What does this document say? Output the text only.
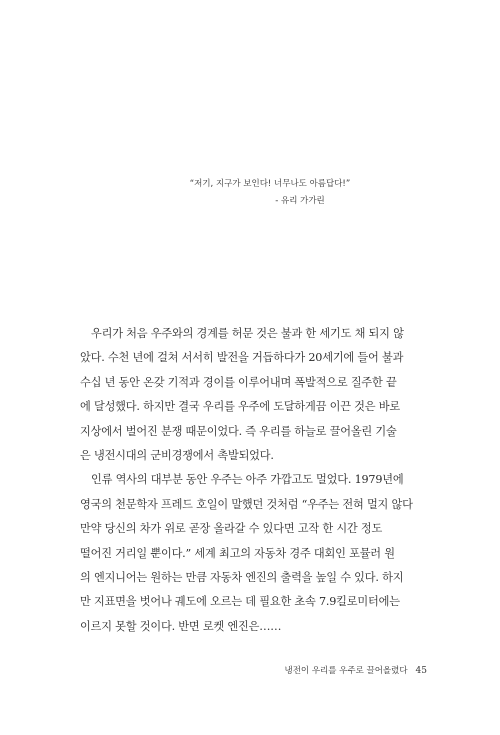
“저기, 지구가 보인다! 너무나도 아름답다!”
- 유리 가가린
우리가 처음 우주와의 경계를 허문 것은 불과 한 세기도 채 되지 않
았다. 수천 년에 걸쳐 서서히 발전을 거듭하다가 20세기에 들어 불과
수십 년 동안 온갖 기적과 경이를 이루어내며 폭발적으로 질주한 끝
에 달성했다. 하지만 결국 우리를 우주에 도달하게끔 이끈 것은 바로
지상에서 벌어진 분쟁 때문이었다. 즉 우리를 하늘로 끌어올린 기술
은 냉전시대의 군비경쟁에서 촉발되었다.
인류 역사의 대부분 동안 우주는 아주 가깝고도 멀었다. 1979년에
영국의 천문학자 프레드 호일이 말했던 것처럼 “우주는 전혀 멀지 않다
만약 당신의 차가 위로 곧장 올라갈 수 있다면 고작 한 시간 정도
떨어진 거리일 뿐이다.” 세계 최고의 자동차 경주 대회인 포뮬러 원
의 엔지니어는 원하는 만큼 자동차 엔진의 출력을 높일 수 있다. 하지
만 지표면을 벗어나 궤도에 오르는 데 필요한 초속 7.9킬로미터에는
이르지 못할 것이다. 반면 로켓 엔진은……
냉전이 우리를 우주로 끌어올렸다 45
